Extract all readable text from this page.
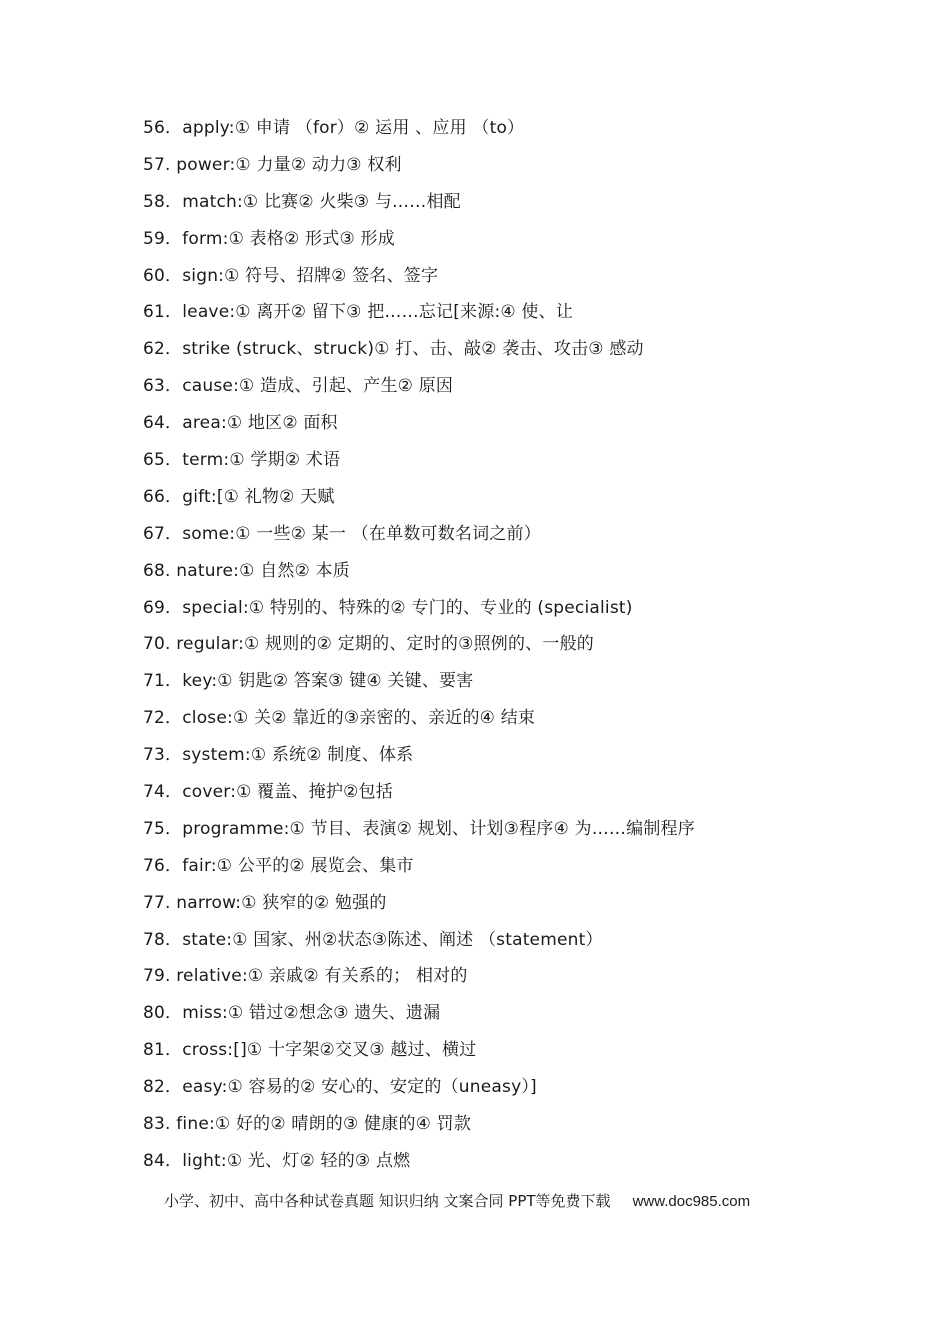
56．apply:① 申请 （for）② 运用 、应用 （to）
57. power:① 力量② 动力③ 权利
58．match:① 比赛② 火柴③ 与……相配
59．form:① 表格② 形式③ 形成
60．sign:① 符号、招牌② 签名、签字
61．leave:① 离开② 留下③ 把……忘记[来源:④ 使、让
62．strike (struck、struck)① 打、击、敲② 袭击、攻击③ 感动
63．cause:① 造成、引起、产生② 原因
64．area:① 地区② 面积
65．term:① 学期② 术语
66．gift:[① 礼物② 天赋
67．some:① 一些② 某一 （在单数可数名词之前）
68. nature:① 自然② 本质
69．special:① 特别的、特殊的② 专门的、专业的 (specialist)
70. regular:① 规则的② 定期的、定时的③照例的、一般的
71．key:① 钥匙② 答案③ 键④ 关键、要害
72．close:① 关② 靠近的③亲密的、亲近的④ 结束
73．system:① 系统② 制度、体系
74．cover:① 覆盖、掩护②包括
75．programme:① 节目、表演② 规划、计划③程序④ 为……编制程序
76．fair:① 公平的② 展览会、集市
77. narrow:① 狭窄的② 勉强的
78．state:① 国家、州②状态③陈述、阐述 （statement）
79. relative:① 亲戚② 有关系的； 相对的
80．miss:① 错过②想念③ 遗失、遗漏
81．cross:[]① 十字架②交叉③ 越过、横过
82．easy:① 容易的② 安心的、安定的（uneasy）]
83. fine:① 好的② 晴朗的③ 健康的④ 罚款
84．light:① 光、灯② 轻的③ 点燃
小学、初中、高中各种试卷真题 知识归纳 文案合同 PPT等免费下载 www.doc985.com
